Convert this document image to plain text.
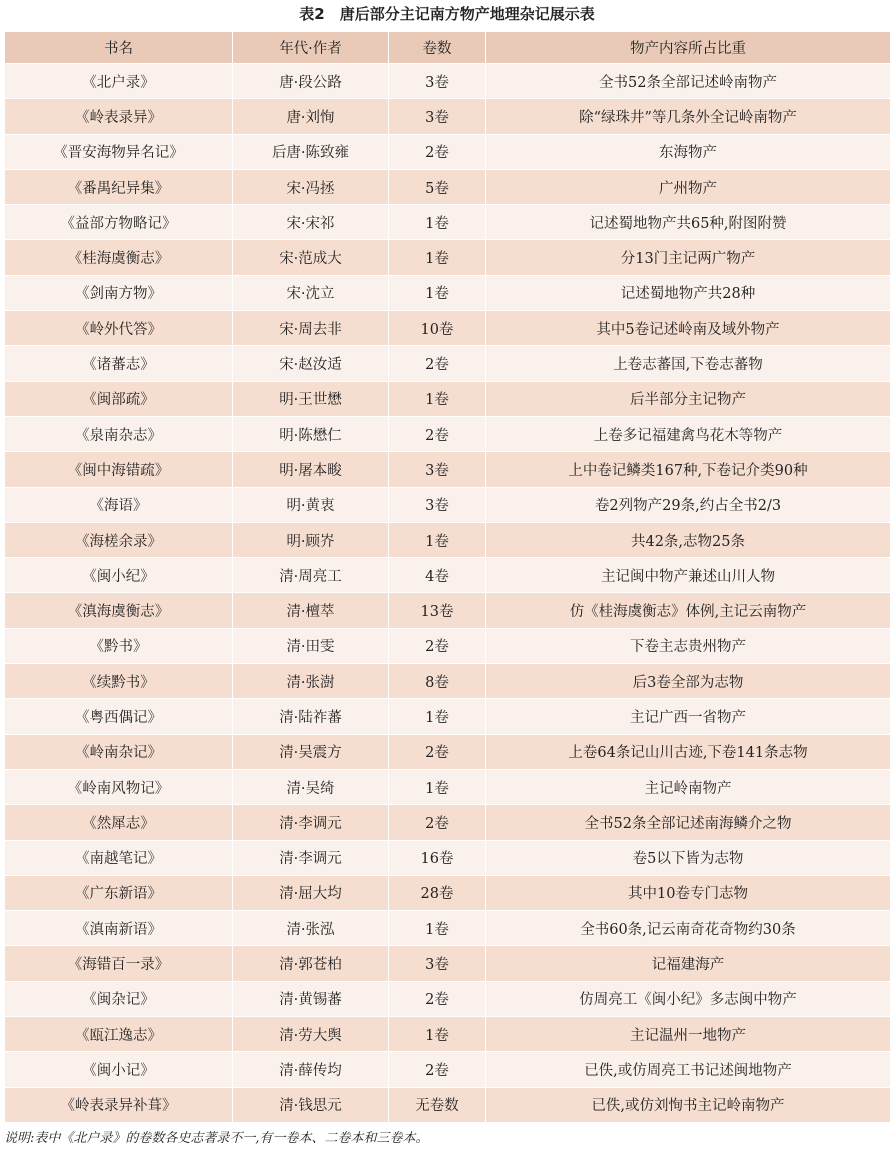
表2　唐后部分主记南方物产地理杂记展示表
书名	年代·作者	卷数	物产内容所占比重
《北户录》	唐·段公路	3卷	全书52条全部记述岭南物产
《岭表录异》	唐·刘恂	3卷	除“绿珠井”等几条外全记岭南物产
《晋安海物异名记》	后唐·陈致雍	2卷	东海物产
《番禺纪异集》	宋·冯拯	5卷	广州物产
《益部方物略记》	宋·宋祁	1卷	记述蜀地物产共65种,附图附赞
《桂海虞衡志》	宋·范成大	1卷	分13门主记两广物产
《剑南方物》	宋·沈立	1卷	记述蜀地物产共28种
《岭外代答》	宋·周去非	10卷	其中5卷记述岭南及域外物产
《诸蕃志》	宋·赵汝适	2卷	上卷志蕃国,下卷志蕃物
《闽部疏》	明·王世懋	1卷	后半部分主记物产
《泉南杂志》	明·陈懋仁	2卷	上卷多记福建禽鸟花木等物产
《闽中海错疏》	明·屠本畯	3卷	上中卷记鳞类167种,下卷记介类90种
《海语》	明·黄衷	3卷	卷2列物产29条,约占全书2/3
《海槎余录》	明·顾岕	1卷	共42条,志物25条
《闽小纪》	清·周亮工	4卷	主记闽中物产兼述山川人物
《滇海虞衡志》	清·檀萃	13卷	仿《桂海虞衡志》体例,主记云南物产
《黔书》	清·田雯	2卷	下卷主志贵州物产
《续黔书》	清·张澍	8卷	后3卷全部为志物
《粤西偶记》	清·陆祚蕃	1卷	主记广西一省物产
《岭南杂记》	清·吴震方	2卷	上卷64条记山川古迹,下卷141条志物
《岭南风物记》	清·吴绮	1卷	主记岭南物产
《然犀志》	清·李调元	2卷	全书52条全部记述南海鳞介之物
《南越笔记》	清·李调元	16卷	卷5以下皆为志物
《广东新语》	清·屈大均	28卷	其中10卷专门志物
《滇南新语》	清·张泓	1卷	全书60条,记云南奇花奇物约30条
《海错百一录》	清·郭苍柏	3卷	记福建海产
《闽杂记》	清·黄锡蕃	2卷	仿周亮工《闽小纪》多志闽中物产
《瓯江逸志》	清·劳大舆	1卷	主记温州一地物产
《闽小记》	清·薛传均	2卷	已佚,或仿周亮工书记述闽地物产
《岭表录异补葺》	清·钱思元	无卷数	已佚,或仿刘恂书主记岭南物产
说明:表中《北户录》的卷数各史志著录不一,有一卷本、二卷本和三卷本。
